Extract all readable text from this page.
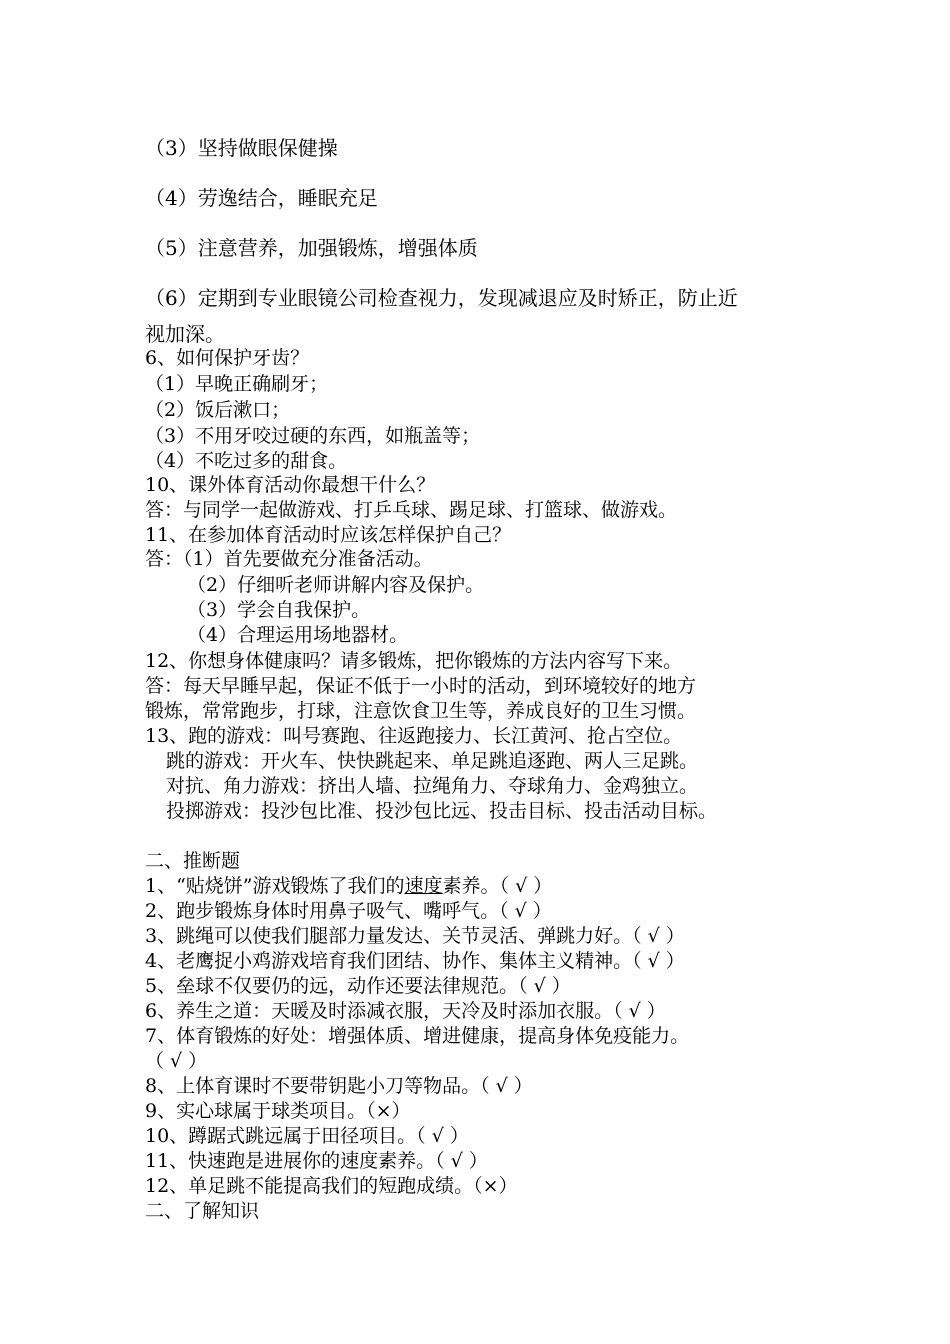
（3）坚持做眼保健操
（4）劳逸结合，睡眠充足
（5）注意营养，加强锻炼，增强体质
（6）定期到专业眼镜公司检查视力，发现减退应及时矫正，防止近
视加深。
6、如何保护牙齿？
（1）早晚正确刷牙；
（2）饭后漱口；
（3）不用牙咬过硬的东西，如瓶盖等；
（4）不吃过多的甜食。
10、课外体育活动你最想干什么？
答：与同学一起做游戏、打乒乓球、踢足球、打篮球、做游戏。
11、在参加体育活动时应该怎样保护自己？
答：（1）首先要做充分准备活动。
（2）仔细听老师讲解内容及保护。
（3）学会自我保护。
（4）合理运用场地器材。
12、你想身体健康吗？请多锻炼，把你锻炼的方法内容写下来。
答：每天早睡早起，保证不低于一小时的活动，到环境较好的地方
锻炼，常常跑步，打球，注意饮食卫生等，养成良好的卫生习惯。
13、跑的游戏：叫号赛跑、往返跑接力、长江黄河、抢占空位。
跳的游戏：开火车、快快跳起来、单足跳追逐跑、两人三足跳。
对抗、角力游戏：挤出人墙、拉绳角力、夺球角力、金鸡独立。
投掷游戏：投沙包比准、投沙包比远、投击目标、投击活动目标。
二、推断题
1、“贴烧饼”游戏锻炼了我们的速度素养。（ √ ）
2、跑步锻炼身体时用鼻子吸气、嘴呼气。（ √ ）
3、跳绳可以使我们腿部力量发达、关节灵活、弹跳力好。（ √ ）
4、老鹰捉小鸡游戏培育我们团结、协作、集体主义精神。（ √ ）
5、垒球不仅要仍的远，动作还要法律规范。（ √ ）
6、养生之道：天暖及时添减衣服，天冷及时添加衣服。（ √ ）
7、体育锻炼的好处：增强体质、增进健康，提高身体免疫能力。
（ √ ）
8、上体育课时不要带钥匙小刀等物品。（ √ ）
9、实心球属于球类项目。（×）
10、蹲踞式跳远属于田径项目。（ √ ）
11、快速跑是进展你的速度素养。（ √ ）
12、单足跳不能提高我们的短跑成绩。（×）
二、了解知识
